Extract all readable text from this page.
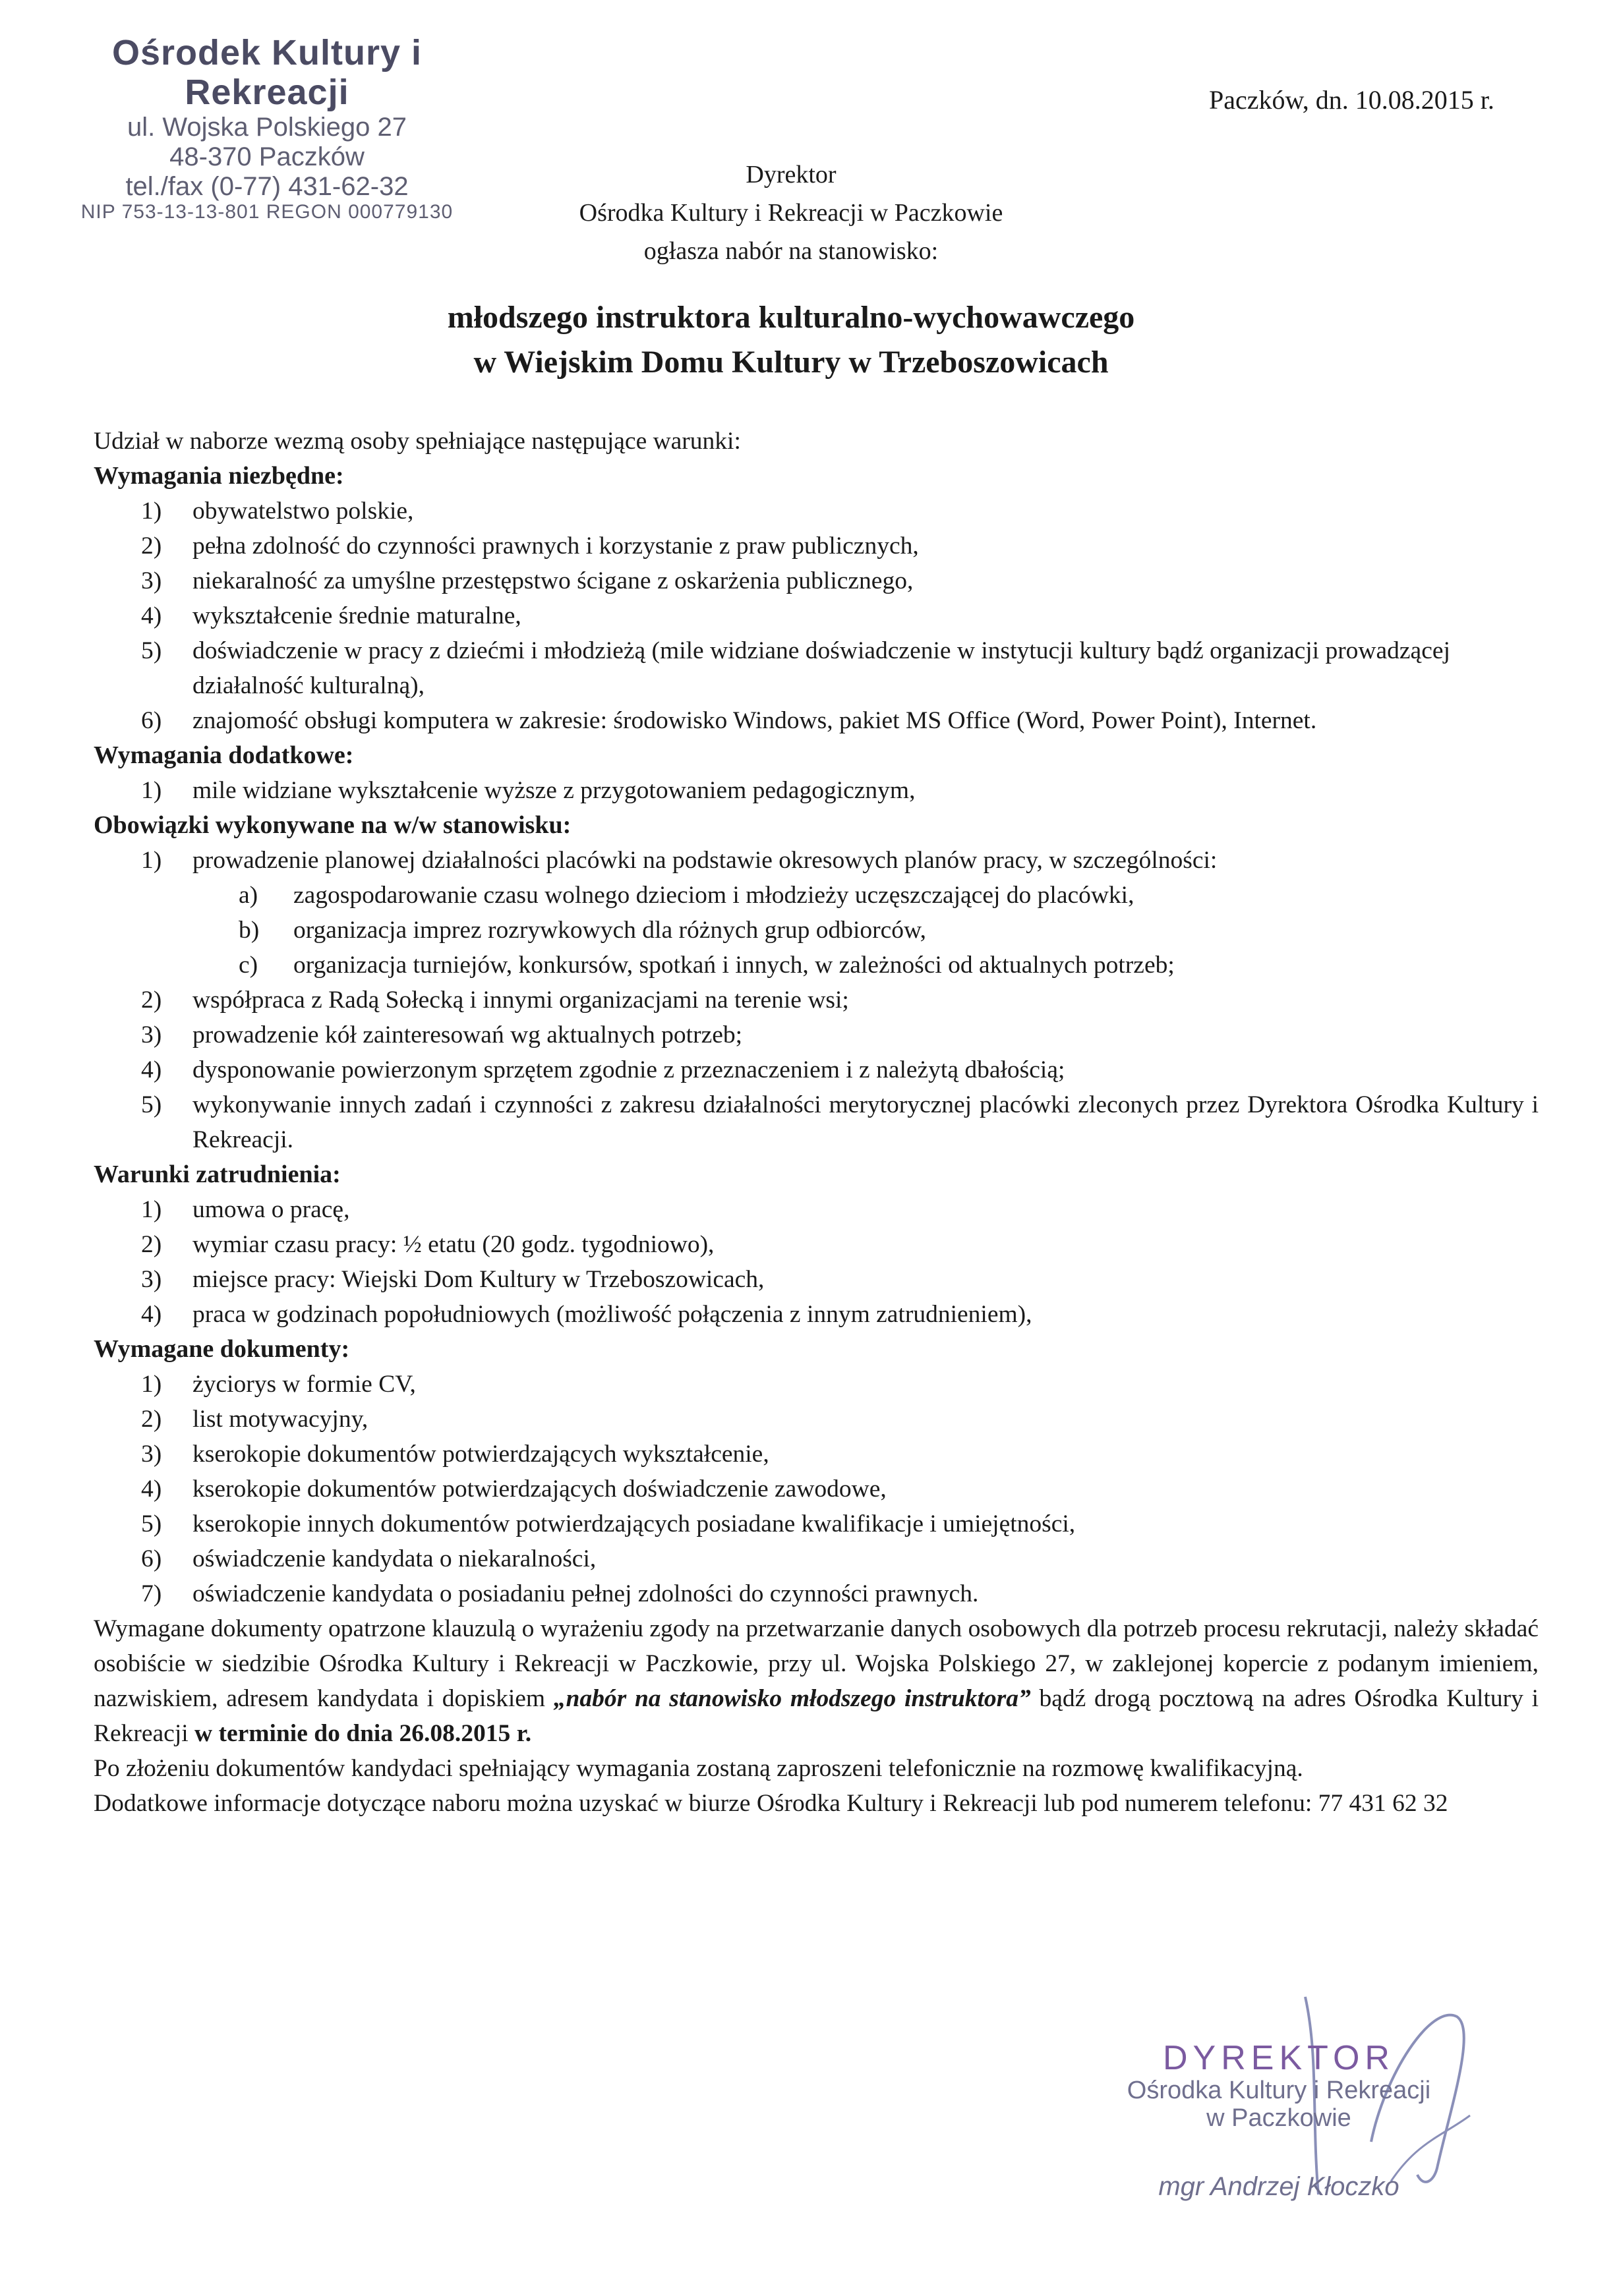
Ośrodek Kultury i Rekreacji
ul. Wojska Polskiego 27
48-370 Paczków
tel./fax (0-77) 431-62-32
NIP 753-13-13-801 REGON 000779130
Paczków, dn. 10.08.2015 r.
Dyrektor
Ośrodka Kultury i Rekreacji w Paczkowie
ogłasza nabór na stanowisko:
młodszego instruktora kulturalno-wychowawczego
w Wiejskim Domu Kultury w Trzeboszowicach

Udział w naborze wezmą osoby spełniające następujące warunki:

Wymagania niezbędne:

1)	obywatelstwo polskie,
2)	pełna zdolność do czynności prawnych i korzystanie z praw publicznych,
3)	niekaralność za umyślne przestępstwo ścigane z oskarżenia publicznego,
4)	wykształcenie średnie maturalne,
5)	doświadczenie w pracy z dziećmi i młodzieżą (mile widziane doświadczenie w instytucji kultury bądź organizacji prowadzącej działalność kulturalną),
6)	znajomość obsługi komputera w zakresie: środowisko Windows, pakiet MS Office (Word, Power Point), Internet.

Wymagania dodatkowe:

1)	mile widziane wykształcenie wyższe z przygotowaniem pedagogicznym,

Obowiązki wykonywane na w/w stanowisku:

1)	prowadzenie planowej działalności placówki na podstawie okresowych planów pracy, w szczególności:
a)	zagospodarowanie czasu wolnego dzieciom i młodzieży uczęszczającej do placówki,
b)	organizacja imprez rozrywkowych dla różnych grup odbiorców,
c)	organizacja turniejów, konkursów, spotkań i innych, w zależności od aktualnych potrzeb;
2)	współpraca z Radą Sołecką i innymi organizacjami na terenie wsi;
3)	prowadzenie kół zainteresowań wg aktualnych potrzeb;
4)	dysponowanie powierzonym sprzętem zgodnie z przeznaczeniem i z należytą dbałością;
5)	wykonywanie innych zadań i czynności z zakresu działalności merytorycznej placówki zleconych przez Dyrektora Ośrodka Kultury i Rekreacji.

Warunki zatrudnienia:

1)	umowa o pracę,
2)	wymiar czasu pracy: ½ etatu (20 godz. tygodniowo),
3)	miejsce pracy: Wiejski Dom Kultury w Trzeboszowicach,
4)	praca w godzinach popołudniowych (możliwość połączenia z innym zatrudnieniem),

Wymagane dokumenty:

1)	życiorys w formie CV,
2)	list motywacyjny,
3)	kserokopie dokumentów potwierdzających wykształcenie,
4)	kserokopie dokumentów potwierdzających doświadczenie zawodowe,
5)	kserokopie innych dokumentów potwierdzających posiadane kwalifikacje i umiejętności,
6)	oświadczenie kandydata o niekaralności,
7)	oświadczenie kandydata o posiadaniu pełnej zdolności do czynności prawnych.

Wymagane dokumenty opatrzone klauzulą o wyrażeniu zgody na przetwarzanie danych osobowych dla potrzeb procesu rekrutacji, należy składać osobiście w siedzibie Ośrodka Kultury i Rekreacji w Paczkowie, przy ul. Wojska Polskiego 27, w zaklejonej kopercie z podanym imieniem, nazwiskiem, adresem kandydata i dopiskiem „nabór na stanowisko młodszego instruktora” bądź drogą pocztową na adres Ośrodka Kultury i Rekreacji w terminie do dnia 26.08.2015 r.

Po złożeniu dokumentów kandydaci spełniający wymagania zostaną zaproszeni telefonicznie na rozmowę kwalifikacyjną.

Dodatkowe informacje dotyczące naboru można uzyskać w biurze Ośrodka Kultury i Rekreacji lub pod numerem telefonu: 77 431 62 32

DYREKTOR
Ośrodka Kultury i Rekreacji
w Paczkowie
mgr Andrzej Kłoczko
